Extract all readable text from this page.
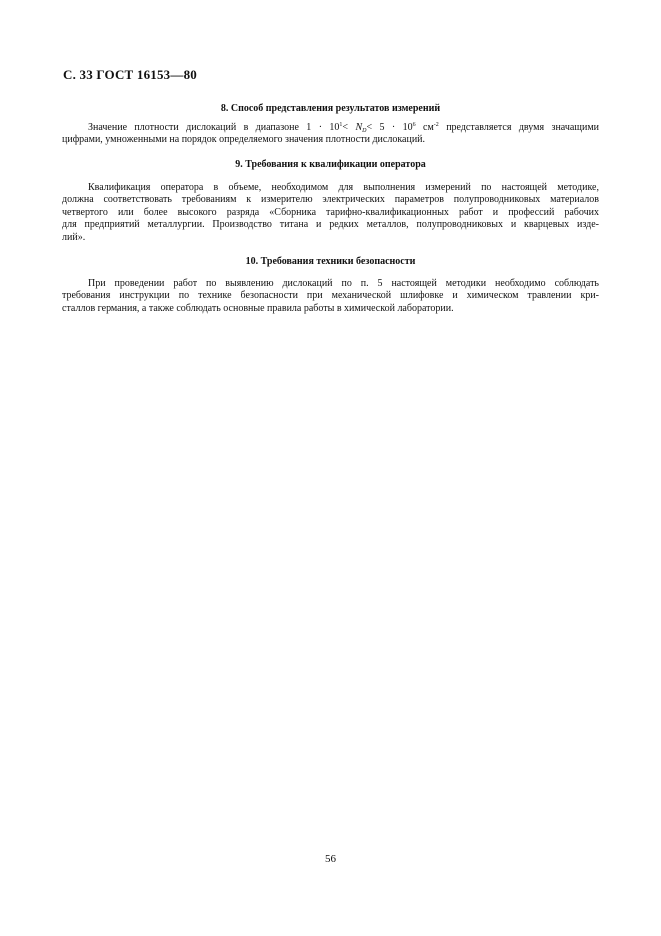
С. 33 ГОСТ 16153—80
8. Способ представления результатов измерений
Значение плотности дислокаций в диапазоне $1 \cdot 10^1< N_D< 5 \cdot 10^6$ $см^{-2}$ представляется двумя значащими
цифрами, умноженными на порядок определяемого значения плотности дислокаций.
9. Требования к квалификации оператора
Квалификация оператора в объеме, необходимом для выполнения измерений по настоящей методике,
должна соответствовать требованиям к измерителю электрических параметров полупроводниковых материалов
четвертого или более высокого разряда «Сборника тарифно-квалификационных работ и профессий рабочих
для предприятий металлургии. Производство титана и редких металлов, полупроводниковых и кварцевых изде-
лий».
10. Требования техники безопасности
При проведении работ по выявлению дислокаций по п. 5 настоящей методики необходимо соблюдать
требования инструкции по технике безопасности при механической шлифовке и химическом травлении кри-
сталлов германия, а также соблюдать основные правила работы в химической лаборатории.
56
